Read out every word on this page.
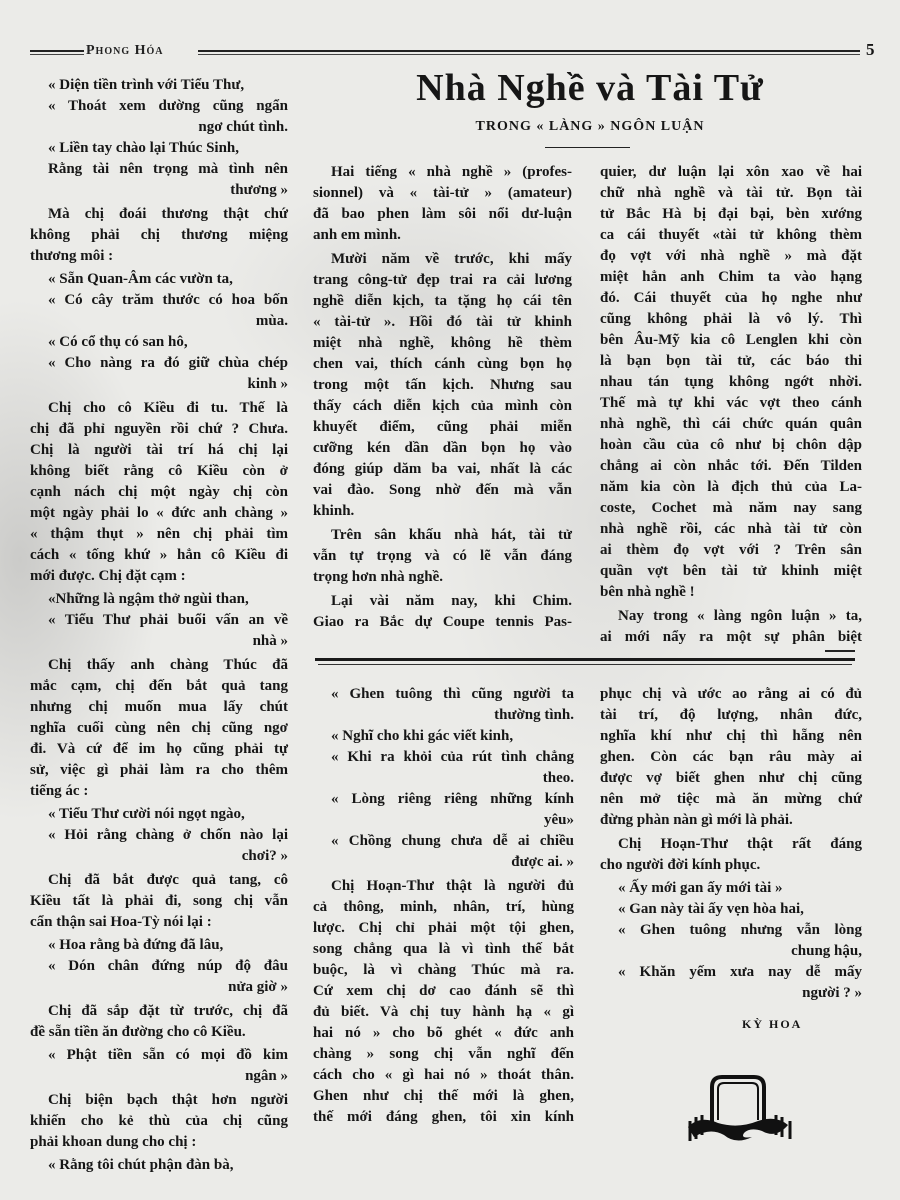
Phong Hóa	5
Nhà Nghề và Tài Tử
TRONG « LÀNG » NGÔN LUẬN
« Diện tiền trình với Tiểu Thư,
« Thoát xem dường cũng ngẩn
ngơ chút tình.
« Liền tay chào lại Thúc Sinh,
Rằng tài nên trọng mà tình nên
thương »
Mà chị đoái thương thật chứ
không phải chị thương miệng
thương môi :
« Sẵn Quan-Âm các vườn ta,
« Có cây trăm thước có hoa bốn
mùa.
« Có cổ thụ có san hô,
« Cho nàng ra đó giữ chùa chép
kinh »
Chị cho cô Kiều đi tu. Thế là
chị đã phỉ nguyền rồi chứ ? Chưa.
Chị là người tài trí há chị lại
không biết rằng cô Kiều còn ở
cạnh nách chị một ngày chị còn
một ngày phải lo « đức anh chàng »
« thậm thụt » nên chị phải tìm
cách « tống khứ » hẳn cô Kiều đi
mới được. Chị đặt cạm :
«Những là ngậm thở ngùi than,
« Tiểu Thư phải buổi vấn an về
nhà »
Chị thấy anh chàng Thúc đã
mắc cạm, chị đến bắt quả tang
nhưng chị muốn mua lấy chút
nghĩa cuối cùng nên chị cũng ngơ
đi. Và cứ để im họ cũng phải tự
sử, việc gì phải làm ra cho thêm
tiếng ác :
« Tiểu Thư cười nói ngọt ngào,
« Hỏi rằng chàng ở chốn nào lại
chơi? »
Chị đã bắt được quả tang, cô
Kiều tất là phải đi, song chị vẫn
cẩn thận sai Hoa-Tỳ nói lại :
« Hoa rằng bà đứng đã lâu,
« Dón chân đứng núp độ đâu
nửa giờ »
Chị đã sắp đặt từ trước, chị đã
đề sẵn tiền ăn đường cho cô Kiều.
« Phật tiền sẵn có mọi đồ kim
ngân »
Chị biện bạch thật hơn người
khiến cho kẻ thù của chị cũng
phải khoan dung cho chị :
« Rằng tôi chút phận đàn bà,
Hai tiếng « nhà nghề » (profes-
sionnel) và « tài-tử » (amateur)
đã bao phen làm sôi nổi dư-luận
anh em mình.
Mười năm về trước, khi mấy
trang công-tử đẹp trai ra cải lương
nghề diễn kịch, ta tặng họ cái tên
« tài-tử ». Hồi đó tài tử khinh
miệt nhà nghề, không hề thèm
chen vai, thích cánh cùng bọn họ
trong một tấn kịch. Nhưng sau
thấy cách diễn kịch của mình còn
khuyết điểm, cũng phải miễn
cưỡng kén dần dần bọn họ vào
đóng giúp dăm ba vai, nhất là các
vai đào. Song nhờ đến mà vẫn
khinh.
Trên sân khấu nhà hát, tài tử
vẫn tự trọng và có lẽ vẫn đáng
trọng hơn nhà nghề.
Lại vài năm nay, khi Chim.
Giao ra Bắc dự Coupe tennis Pas-
quier, dư luận lại xôn xao về hai
chữ nhà nghề và tài tử. Bọn tài
tử Bắc Hà bị đại bại, bèn xướng
ca cái thuyết «tài tử không thèm
đọ vợt với nhà nghề » mà đặt
miệt hẳn anh Chim ta vào hạng
đó. Cái thuyết của họ nghe như
cũng không phải là vô lý. Thì
bên Âu-Mỹ kia cô Lenglen khi còn
là bạn bọn tài tử, các báo thi
nhau tán tụng không ngớt nhời.
Thế mà tự khi vác vợt theo cánh
nhà nghề, thì cái chức quán quân
hoàn cầu của cô như bị chôn dập
chẳng ai còn nhắc tới. Đến Tilden
năm kia còn là địch thủ của La-
coste, Cochet mà năm nay sang
nhà nghề rồi, các nhà tài tử còn
ai thèm đọ vợt với ? Trên sân
quần vợt bên tài tử khinh miệt
bên nhà nghề !
Nay trong « làng ngôn luận » ta,
ai mới nẩy ra một sự phân biệt
« Ghen tuông thì cũng người ta
thường tình.
« Nghĩ cho khi gác viết kinh,
« Khi ra khỏi của rút tình chẳng
theo.
« Lòng riêng riêng những kính
yêu»
« Chồng chung chưa dễ ai chiều
được ai. »
Chị Hoạn-Thư thật là người đủ
cả thông, minh, nhân, trí, hùng
lược. Chị chỉ phải một tội ghen,
song chẳng qua là vì tình thế bắt
buộc, là vì chàng Thúc mà ra.
Cứ xem chị dơ cao đánh sẽ thì
đủ biết. Và chị tuy hành hạ « gì
hai nó » cho bõ ghét « đức anh
chàng » song chị vẫn nghĩ đến
cách cho « gì hai nó » thoát thân.
Ghen như chị thế mới là ghen,
thế mới đáng ghen, tôi xin kính
phục chị và ước ao rằng ai có đủ
tài trí, độ lượng, nhân đức,
nghĩa khí như chị thì hẵng nên
ghen. Còn các bạn râu mày ai
được vợ biết ghen như chị cũng
nên mở tiệc mà ăn mừng chứ
đừng phàn nàn gì mới là phải.
Chị Hoạn-Thư thật rất đáng
cho người đời kính phục.
« Ấy mới gan ấy mới tài »
« Gan này tài ấy vẹn hòa hai,
« Ghen tuông nhưng vẫn lòng
chung hậu,
« Khăn yếm xưa nay dễ mấy
người ? »
KỲ HOA
